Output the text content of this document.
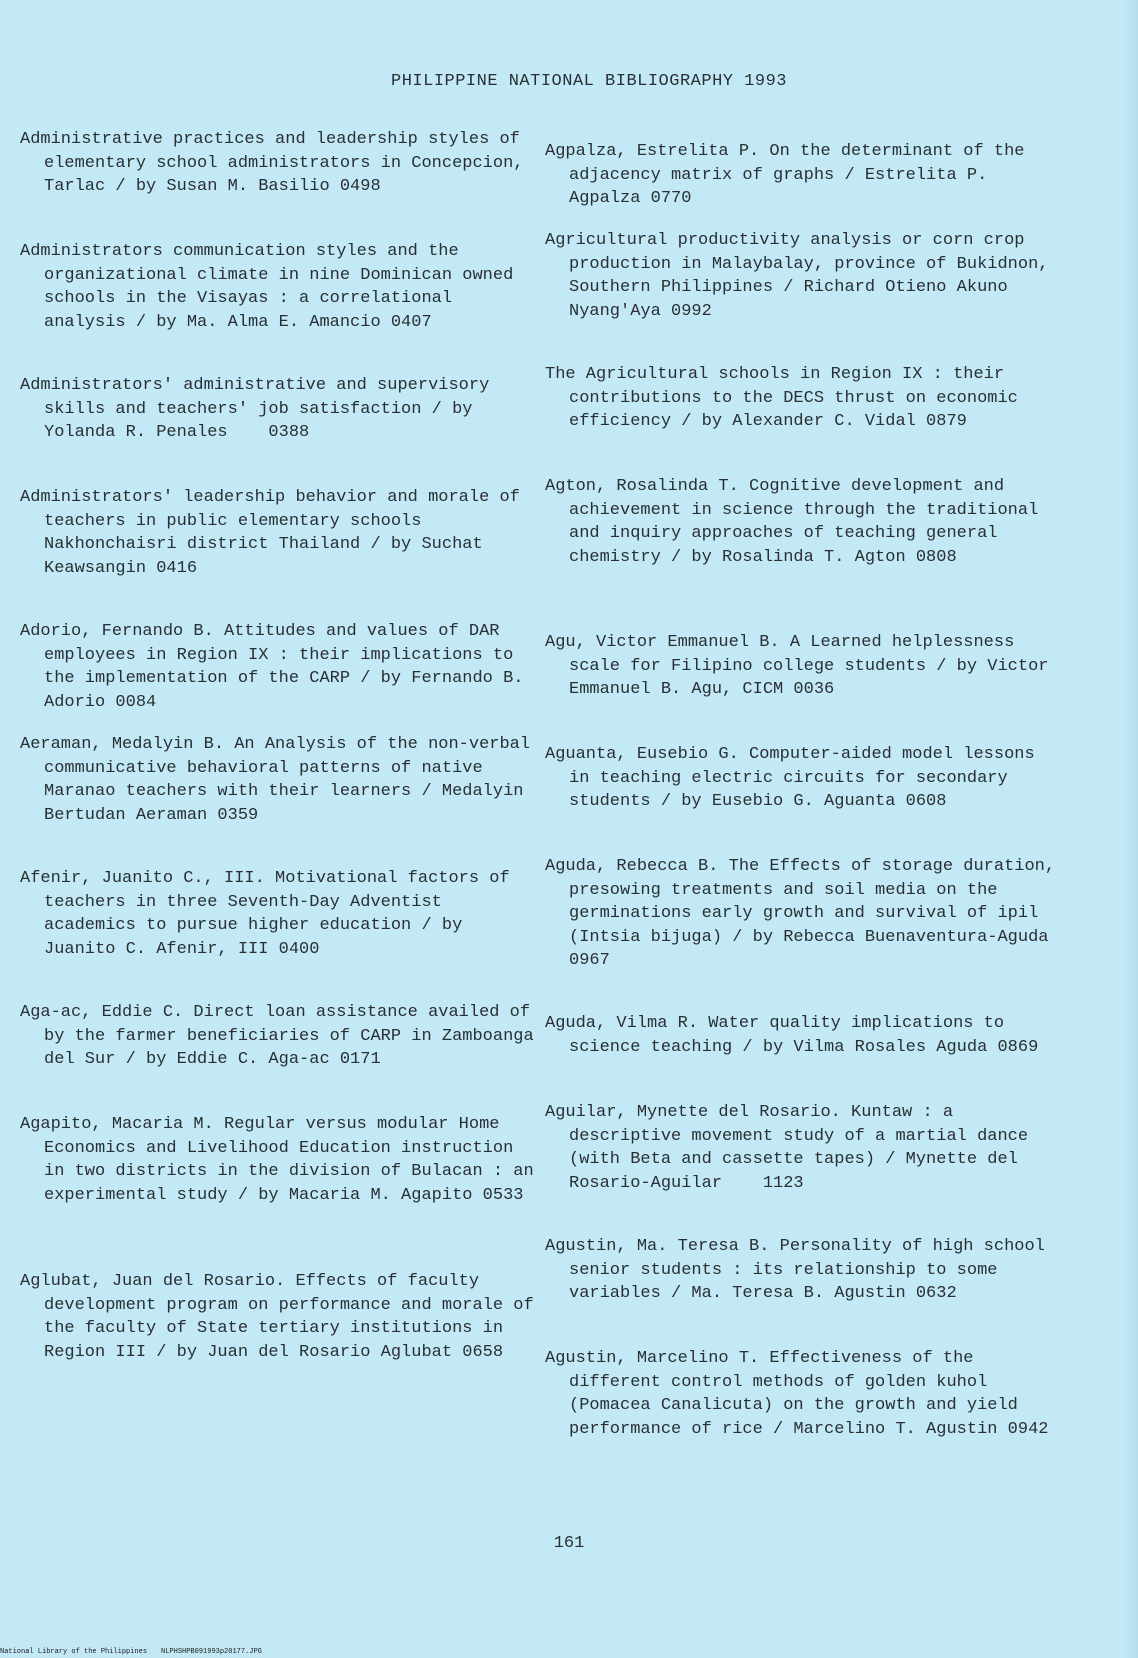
PHILIPPINE NATIONAL BIBLIOGRAPHY 1993
Administrative practices and leadership styles of elementary school administrators in Concepcion, Tarlac / by Susan M. Basilio 0498
Administrators communication styles and the organizational climate in nine Dominican owned schools in the Visayas : a correlational analysis / by Ma. Alma E. Amancio 0407
Administrators' administrative and supervisory skills and teachers' job satisfaction / by Yolanda R. Penales    0388
Administrators' leadership behavior and morale of teachers in public elementary schools Nakhonchaisri district Thailand / by Suchat Keawsangin 0416
Adorio, Fernando B. Attitudes and values of DAR employees in Region IX : their implications to the implementation of the CARP / by Fernando B. Adorio 0084
Aeraman, Medalyin B. An Analysis of the non-verbal communicative behavioral patterns of native Maranao teachers with their learners / Medalyin Bertudan Aeraman 0359
Afenir, Juanito C., III. Motivational factors of teachers in three Seventh-Day Adventist academics to pursue higher education / by Juanito C. Afenir, III 0400
Aga-ac, Eddie C. Direct loan assistance availed of by the farmer beneficiaries of CARP in Zamboanga del Sur / by Eddie C. Aga-ac 0171
Agapito, Macaria M. Regular versus modular Home Economics and Livelihood Education instruction in two districts in the division of Bulacan : an experimental study / by Macaria M. Agapito 0533
Aglubat, Juan del Rosario. Effects of faculty development program on performance and morale of the faculty of State tertiary institutions in Region III / by Juan del Rosario Aglubat 0658
Agpalza, Estrelita P. On the determinant of the adjacency matrix of graphs / Estrelita P. Agpalza 0770
Agricultural productivity analysis or corn crop production in Malaybalay, province of Bukidnon, Southern Philippines / Richard Otieno Akuno Nyang'Aya 0992
The Agricultural schools in Region IX : their contributions to the DECS thrust on economic efficiency / by Alexander C. Vidal 0879
Agton, Rosalinda T. Cognitive development and achievement in science through the traditional and inquiry approaches of teaching general chemistry / by Rosalinda T. Agton 0808
Agu, Victor Emmanuel B. A Learned helplessness scale for Filipino college students / by Victor Emmanuel B. Agu, CICM 0036
Aguanta, Eusebio G. Computer-aided model lessons in teaching electric circuits for secondary students / by Eusebio G. Aguanta 0608
Aguda, Rebecca B. The Effects of storage duration, presowing treatments and soil media on the germinations early growth and survival of ipil (Intsia bijuga) / by Rebecca Buenaventura-Aguda 0967
Aguda, Vilma R. Water quality implications to science teaching / by Vilma Rosales Aguda 0869
Aguilar, Mynette del Rosario. Kuntaw : a descriptive movement study of a martial dance (with Beta and cassette tapes) / Mynette del Rosario-Aguilar    1123
Agustin, Ma. Teresa B. Personality of high school senior students : its relationship to some variables / Ma. Teresa B. Agustin 0632
Agustin, Marcelino T. Effectiveness of the different control methods of golden kuhol (Pomacea Canalicuta) on the growth and yield performance of rice / Marcelino T. Agustin 0942
161
National Library of the Philippines NLPHSHPB091993p20177.JPG
